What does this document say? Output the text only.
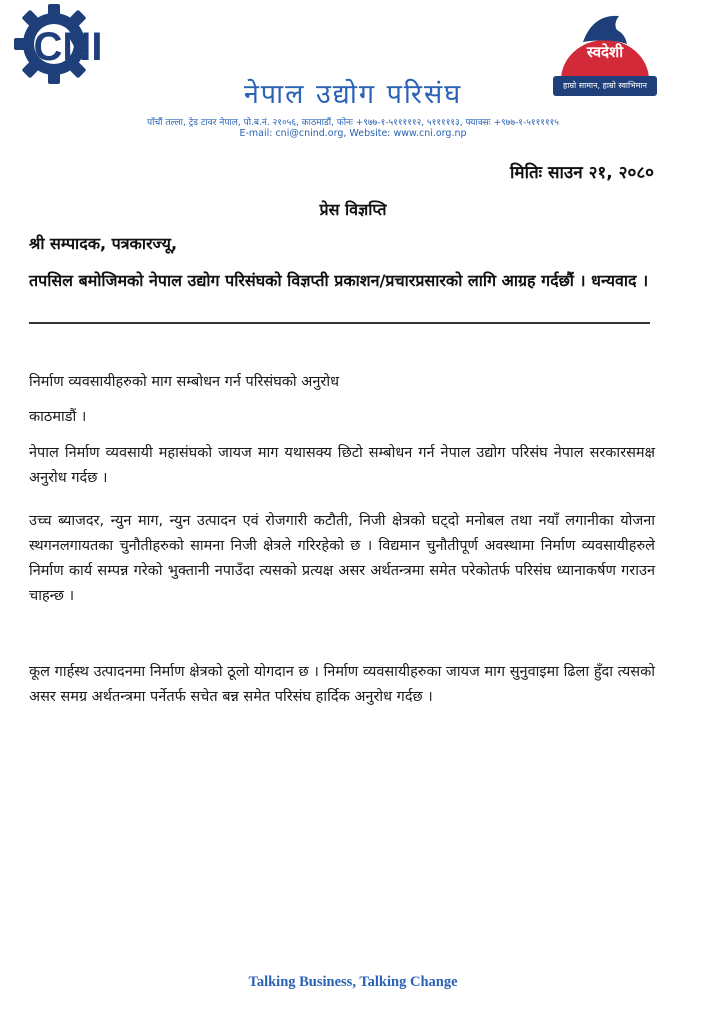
CNI	स्वदेशी
हाम्रो सामान, हाम्रो स्वाभिमान
नेपाल उद्योग परिसंघ
पाँचौं तल्ला, ट्रेड टावर नेपाल, पो.ब.नं. २१०५६, काठमाडौं, फोनः +९७७-१-५१११११२, ५१११११३, फ्याक्सः +९७७-१-५१११११५
E-mail: cni@cnind.org, Website: www.cni.org.np
मितिः साउन २१, २०८०
प्रेस विज्ञप्ति
श्री सम्पादक, पत्रकारज्यू,
तपसिल बमोजिमको नेपाल उद्योग परिसंघको विज्ञप्ती प्रकाशन/प्रचारप्रसारको लागि आग्रह गर्दछौं । धन्यवाद ।
निर्माण व्यवसायीहरुको माग सम्बोधन गर्न परिसंघको अनुरोध
काठमाडौं ।
नेपाल निर्माण व्यवसायी महासंघको जायज माग यथासक्य छिटो सम्बोधन गर्न नेपाल उद्योग परिसंघ नेपाल सरकारसमक्ष अनुरोध गर्दछ ।
उच्च ब्याजदर, न्युन माग, न्युन उत्पादन एवं रोजगारी कटौती, निजी क्षेत्रको घट्दो मनोबल तथा नयाँ लगानीका योजना स्थगनलगायतका चुनौतीहरुको सामना निजी क्षेत्रले गरिरहेको छ । विद्यमान चुनौतीपूर्ण अवस्थामा निर्माण व्यवसायीहरुले निर्माण कार्य सम्पन्न गरेको भुक्तानी नपाउँदा त्यसको प्रत्यक्ष असर अर्थतन्त्रमा समेत परेकोतर्फ परिसंघ ध्यानाकर्षण गराउन चाहन्छ ।
कूल गार्हस्थ उत्पादनमा निर्माण क्षेत्रको ठूलो योगदान छ । निर्माण व्यवसायीहरुका जायज माग सुनुवाइमा ढिला हुँदा त्यसको असर समग्र अर्थतन्त्रमा पर्नेतर्फ सचेत बन्न समेत परिसंघ हार्दिक अनुरोध गर्दछ ।
Talking Business, Talking Change
